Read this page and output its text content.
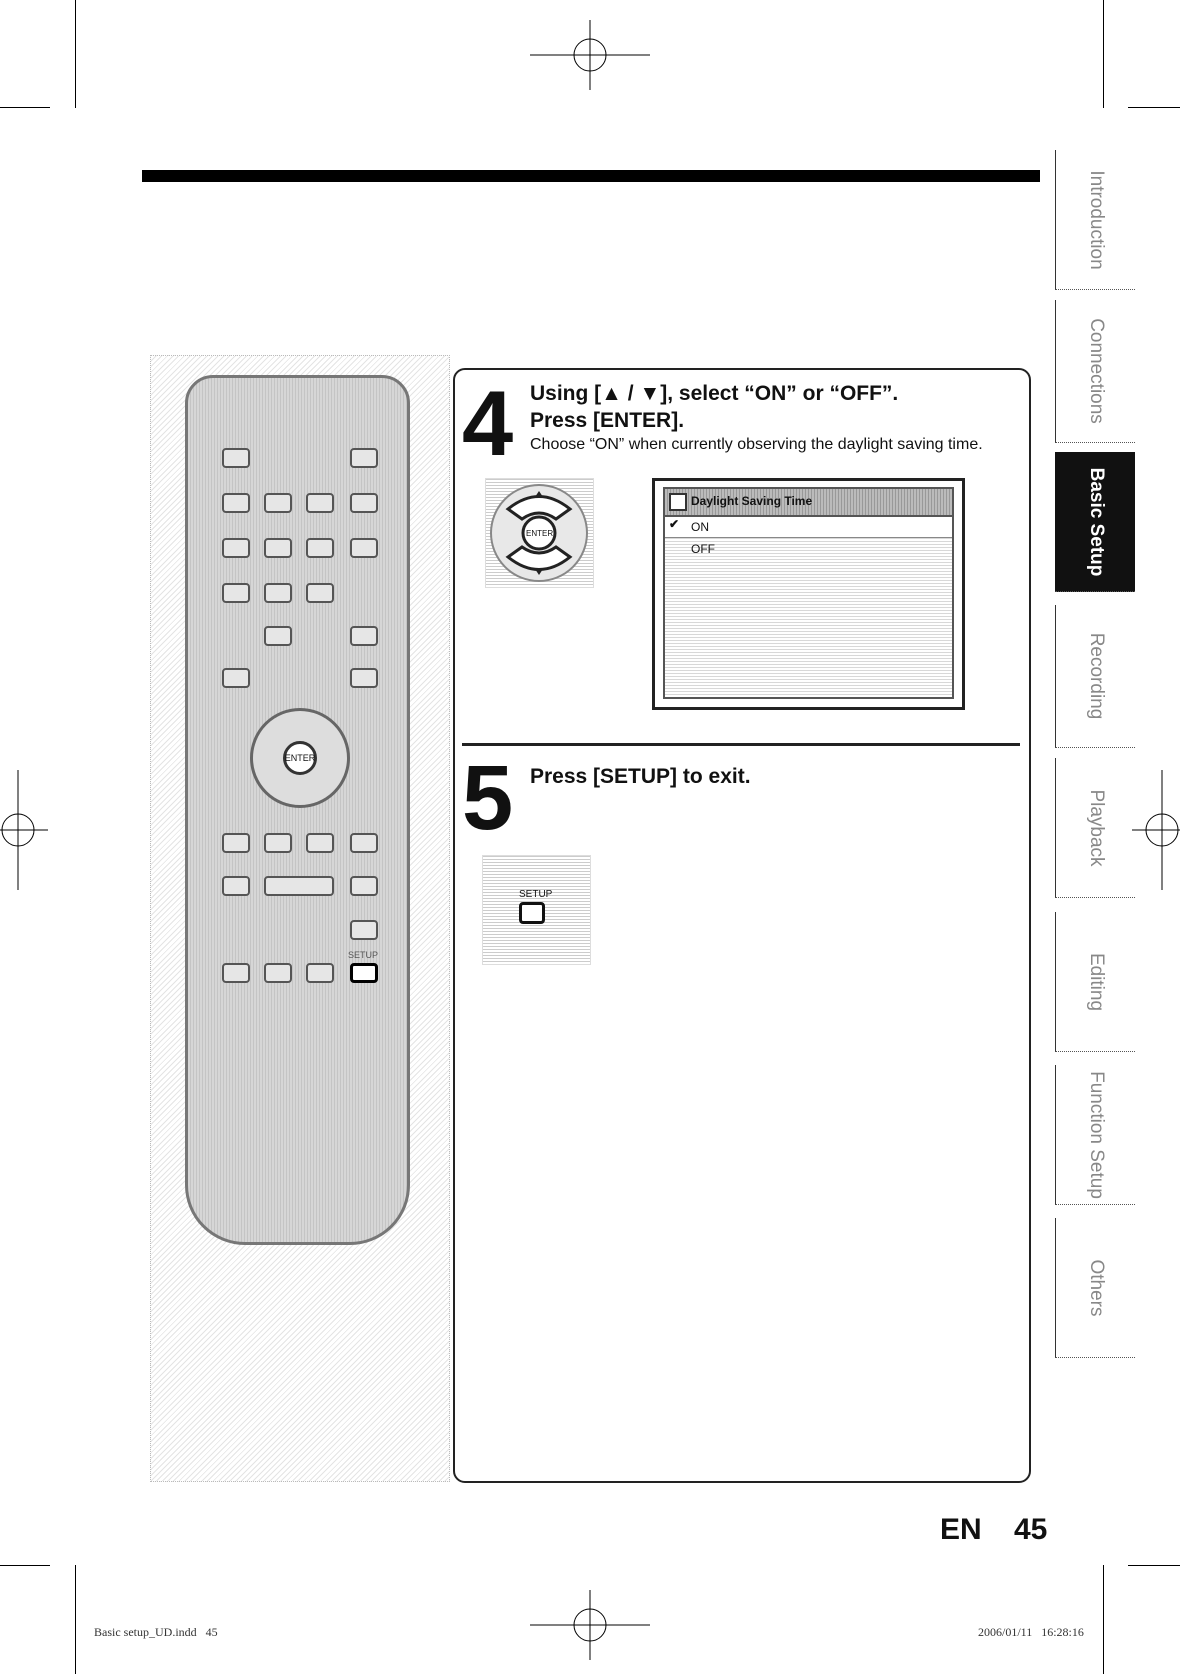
ENTER
SETUP
4 Using [▲ / ▼], select “ON” or “OFF”.
Press [ENTER].
Choose “ON” when currently observing the daylight saving time.
ENTER
Daylight Saving Time
✔ ON
OFF
5 Press [SETUP] to exit.
SETUP
Introduction
Connections
Basic Setup
Recording
Playback
Editing
Function Setup
Others
EN 45
Basic setup_UD.indd   45	2006/01/11   16:28:16
